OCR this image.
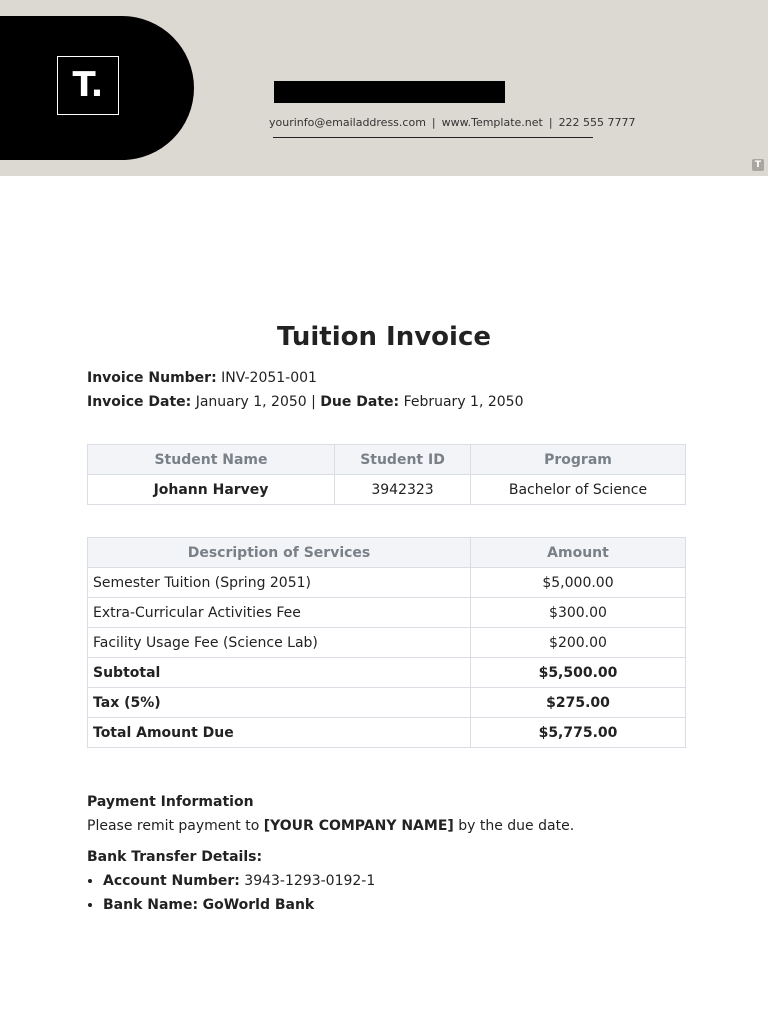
T.
yourinfo@emailaddress.com | www.Template.net | 222 555 7777
T
Tuition Invoice
Invoice Number: INV-2051-001
Invoice Date: January 1, 2050 | Due Date: February 1, 2050
Student Name	Student ID	Program
Johann Harvey	3942323	Bachelor of Science
Description of Services	Amount
Semester Tuition (Spring 2051)	$5,000.00
Extra-Curricular Activities Fee	$300.00
Facility Usage Fee (Science Lab)	$200.00
Subtotal	$5,500.00
Tax (5%)	$275.00
Total Amount Due	$5,775.00
Payment Information
Please remit payment to [YOUR COMPANY NAME] by the due date.
Bank Transfer Details:
• Account Number: 3943-1293-0192-1
• Bank Name: GoWorld Bank
